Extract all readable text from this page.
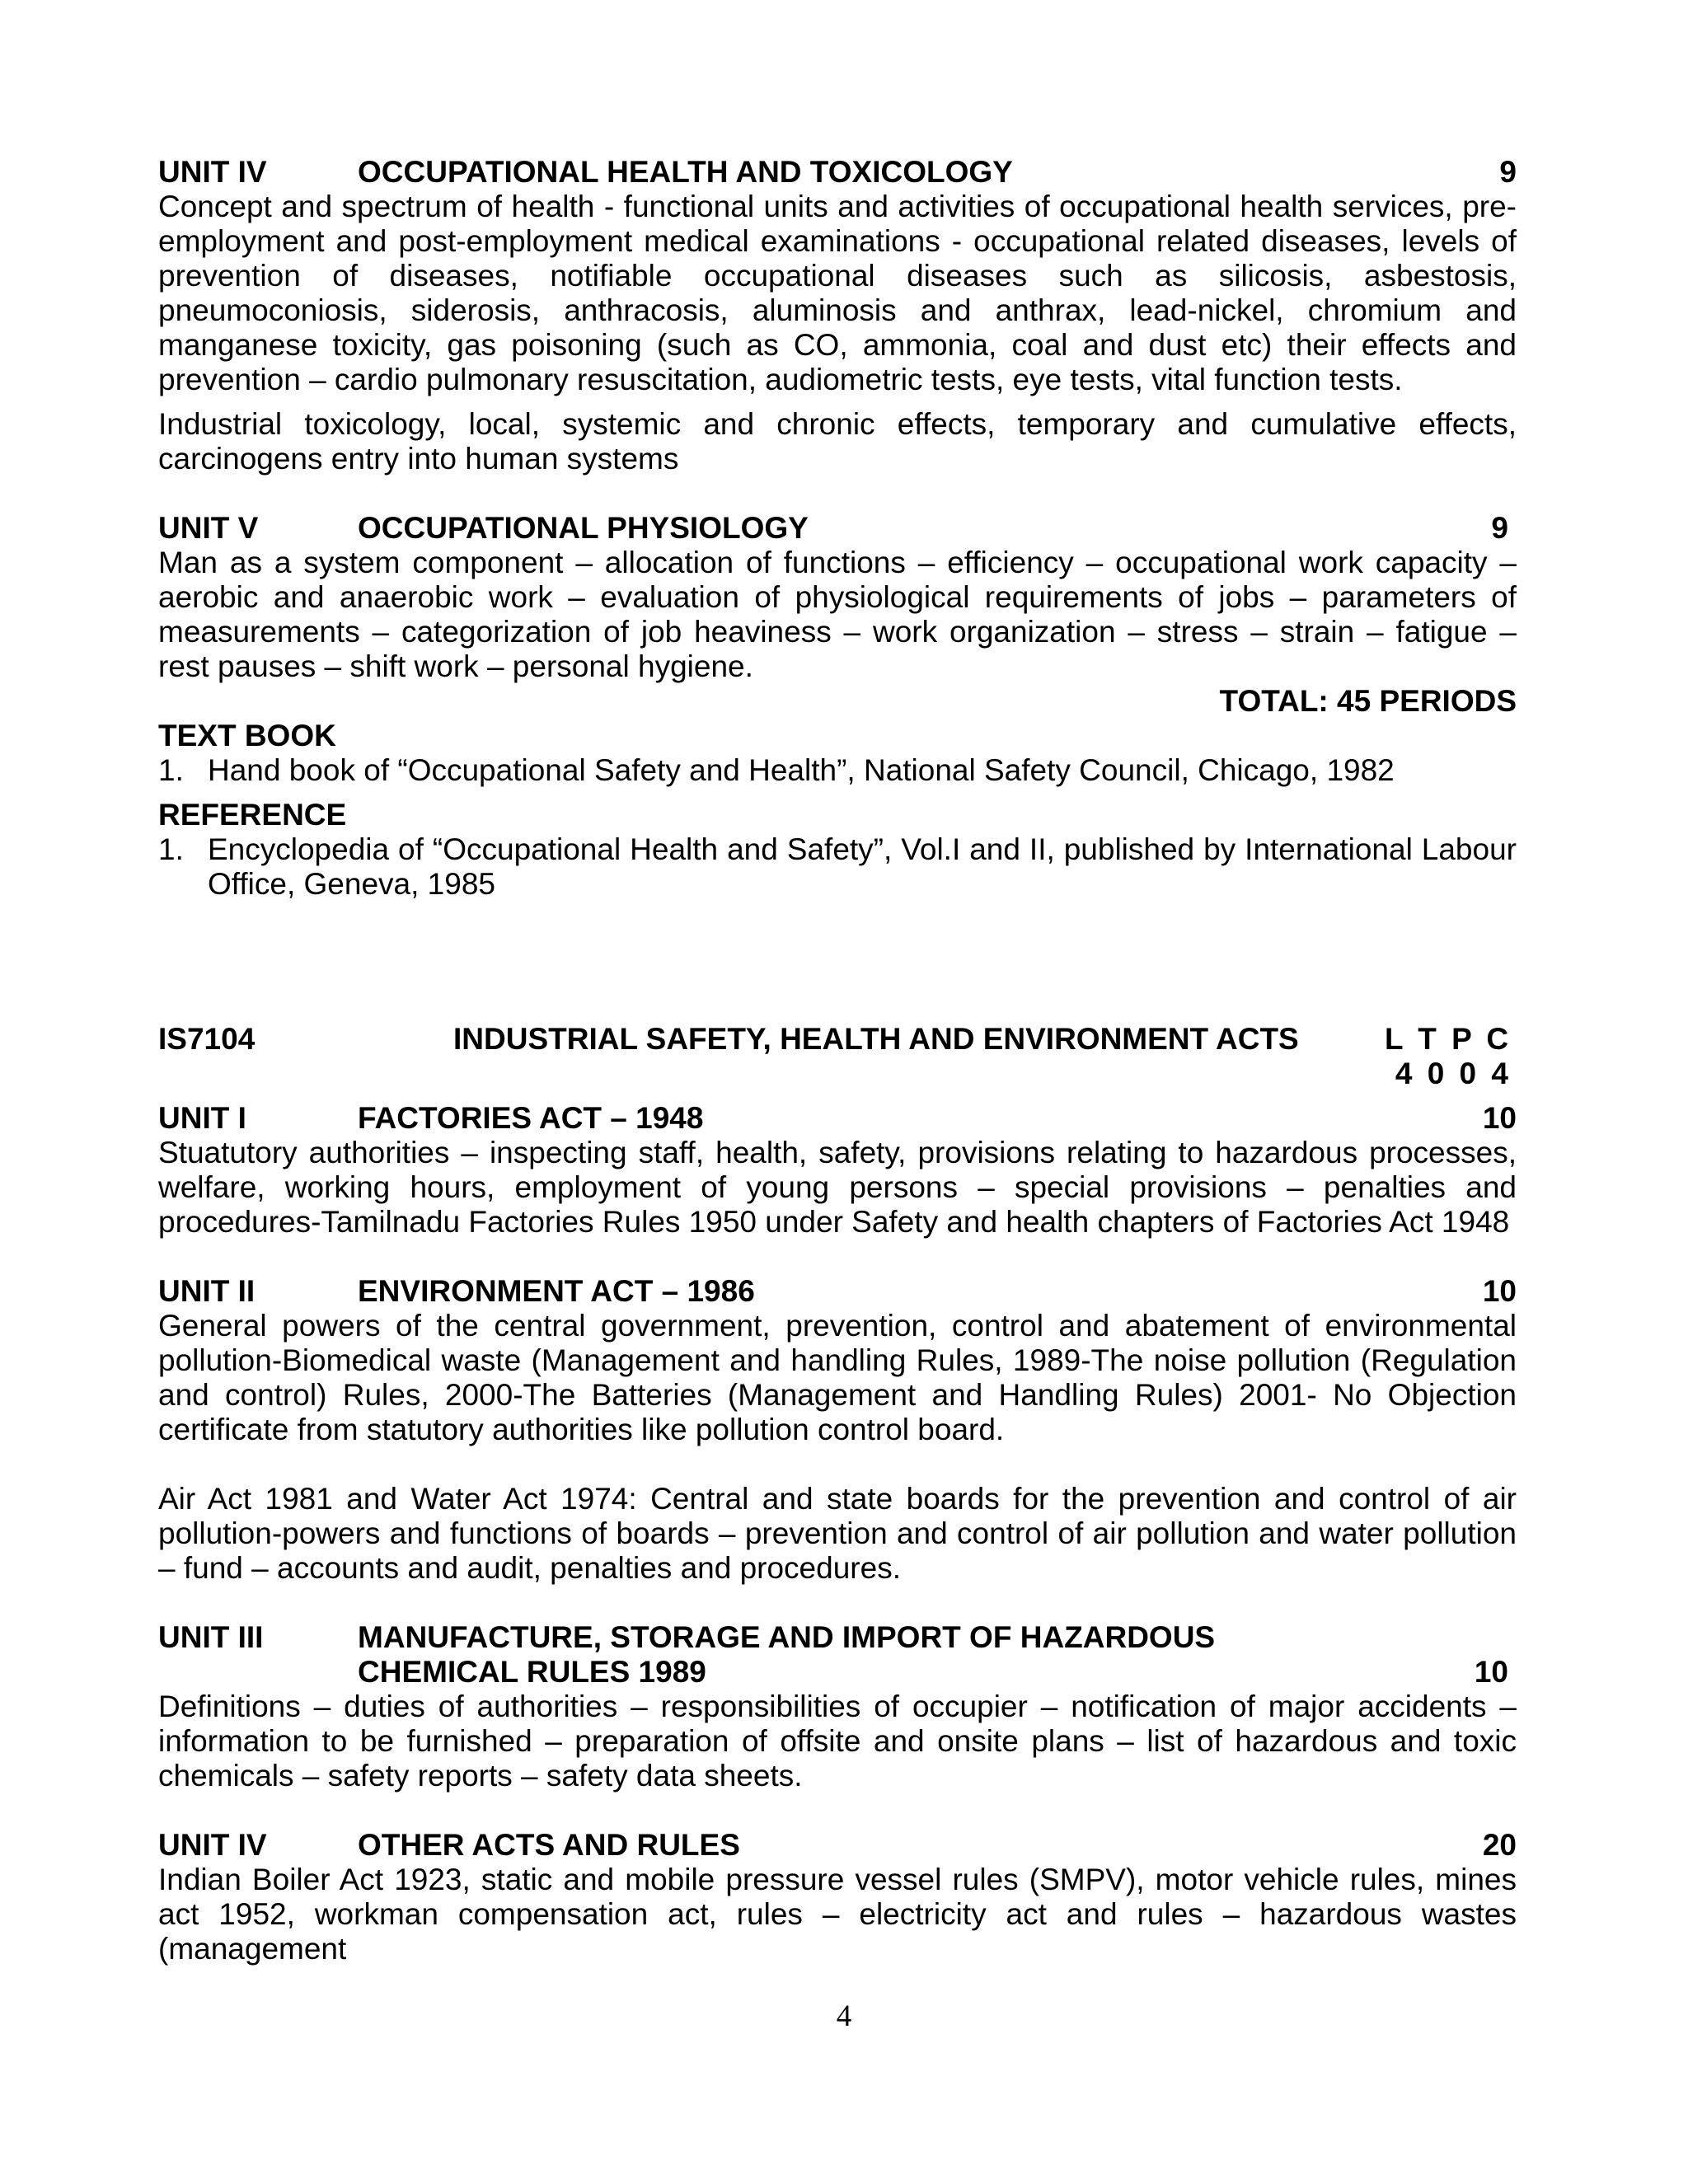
UNIT IV	OCCUPATIONAL HEALTH AND TOXICOLOGY	9

Concept and spectrum of health - functional units and activities of occupational health services, pre-employment and post-employment medical examinations - occupational related diseases, levels of prevention of diseases, notifiable occupational diseases such as silicosis, asbestosis, pneumoconiosis, siderosis, anthracosis, aluminosis and anthrax, lead-nickel, chromium and manganese toxicity, gas poisoning (such as CO, ammonia, coal and dust etc) their effects and prevention – cardio pulmonary resuscitation, audiometric tests, eye tests, vital function tests.

Industrial toxicology, local, systemic and chronic effects, temporary and cumulative effects, carcinogens entry into human systems

UNIT V	OCCUPATIONAL PHYSIOLOGY	9

Man as a system component – allocation of functions – efficiency – occupational work capacity – aerobic and anaerobic work – evaluation of physiological requirements of jobs – parameters of measurements – categorization of job heaviness – work organization – stress – strain – fatigue – rest pauses – shift work – personal hygiene.

TOTAL: 45 PERIODS

TEXT BOOK

1. Hand book of “Occupational Safety and Health”, National Safety Council, Chicago, 1982

REFERENCE

1. Encyclopedia of “Occupational Health and Safety”, Vol.I and II, published by International Labour Office, Geneva, 1985
IS7104	INDUSTRIAL SAFETY, HEALTH AND ENVIRONMENT ACTS	L T P C
4 0 0 4
UNIT I	FACTORIES ACT – 1948	10

Stuatutory authorities – inspecting staff, health, safety, provisions relating to hazardous processes, welfare, working hours, employment of young persons – special provisions – penalties and procedures-Tamilnadu Factories Rules 1950 under Safety and health chapters of Factories Act 1948

UNIT II	ENVIRONMENT ACT – 1986	10

General powers of the central government, prevention, control and abatement of environmental pollution-Biomedical waste (Management and handling Rules, 1989-The noise pollution (Regulation and control) Rules, 2000-The Batteries (Management and Handling Rules) 2001- No Objection certificate from statutory authorities like pollution control board.

Air Act 1981 and Water Act 1974: Central and state boards for the prevention and control of air pollution-powers and functions of boards – prevention and control of air pollution and water pollution – fund – accounts and audit, penalties and procedures.

UNIT III	MANUFACTURE, STORAGE AND IMPORT OF HAZARDOUS
CHEMICAL RULES 1989	10

Definitions – duties of authorities – responsibilities of occupier – notification of major accidents – information to be furnished – preparation of offsite and onsite plans – list of hazardous and toxic chemicals – safety reports – safety data sheets.

UNIT IV	OTHER ACTS AND RULES	20

Indian Boiler Act 1923, static and mobile pressure vessel rules (SMPV), motor vehicle rules, mines act 1952, workman compensation act, rules – electricity act and rules – hazardous wastes (management

4
